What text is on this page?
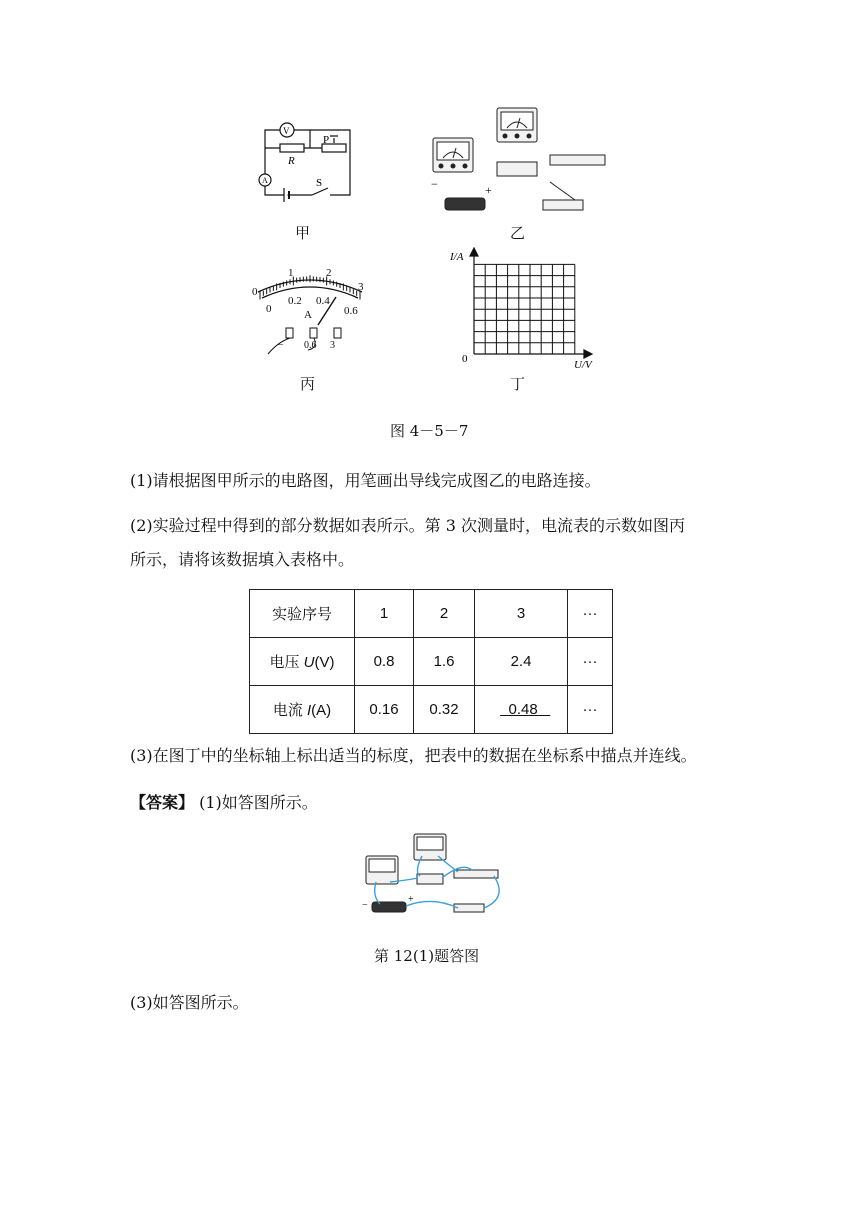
V
A
R
P
S
甲
−	+
乙
0
1	2
3
0
0.2 0.4
0.6
A
− 0.6 3
丙
I/A
U/V
0
丁
图 4－5－7
(1)请根据图甲所示的电路图，用笔画出导线完成图乙的电路连接。
(2)实验过程中得到的部分数据如表所示。第 3 次测量时，电流表的示数如图丙
所示，请将该数据填入表格中。
实验序号	1	2	3	···
电压 U(V)	0.8	1.6	2.4	···
电流 I(A)	0.16	0.32	0.48	···
(3)在图丁中的坐标轴上标出适当的标度，把表中的数据在坐标系中描点并连线。
【答案】 (1)如答图所示。
−
+
第 12(1)题答图
(3)如答图所示。
